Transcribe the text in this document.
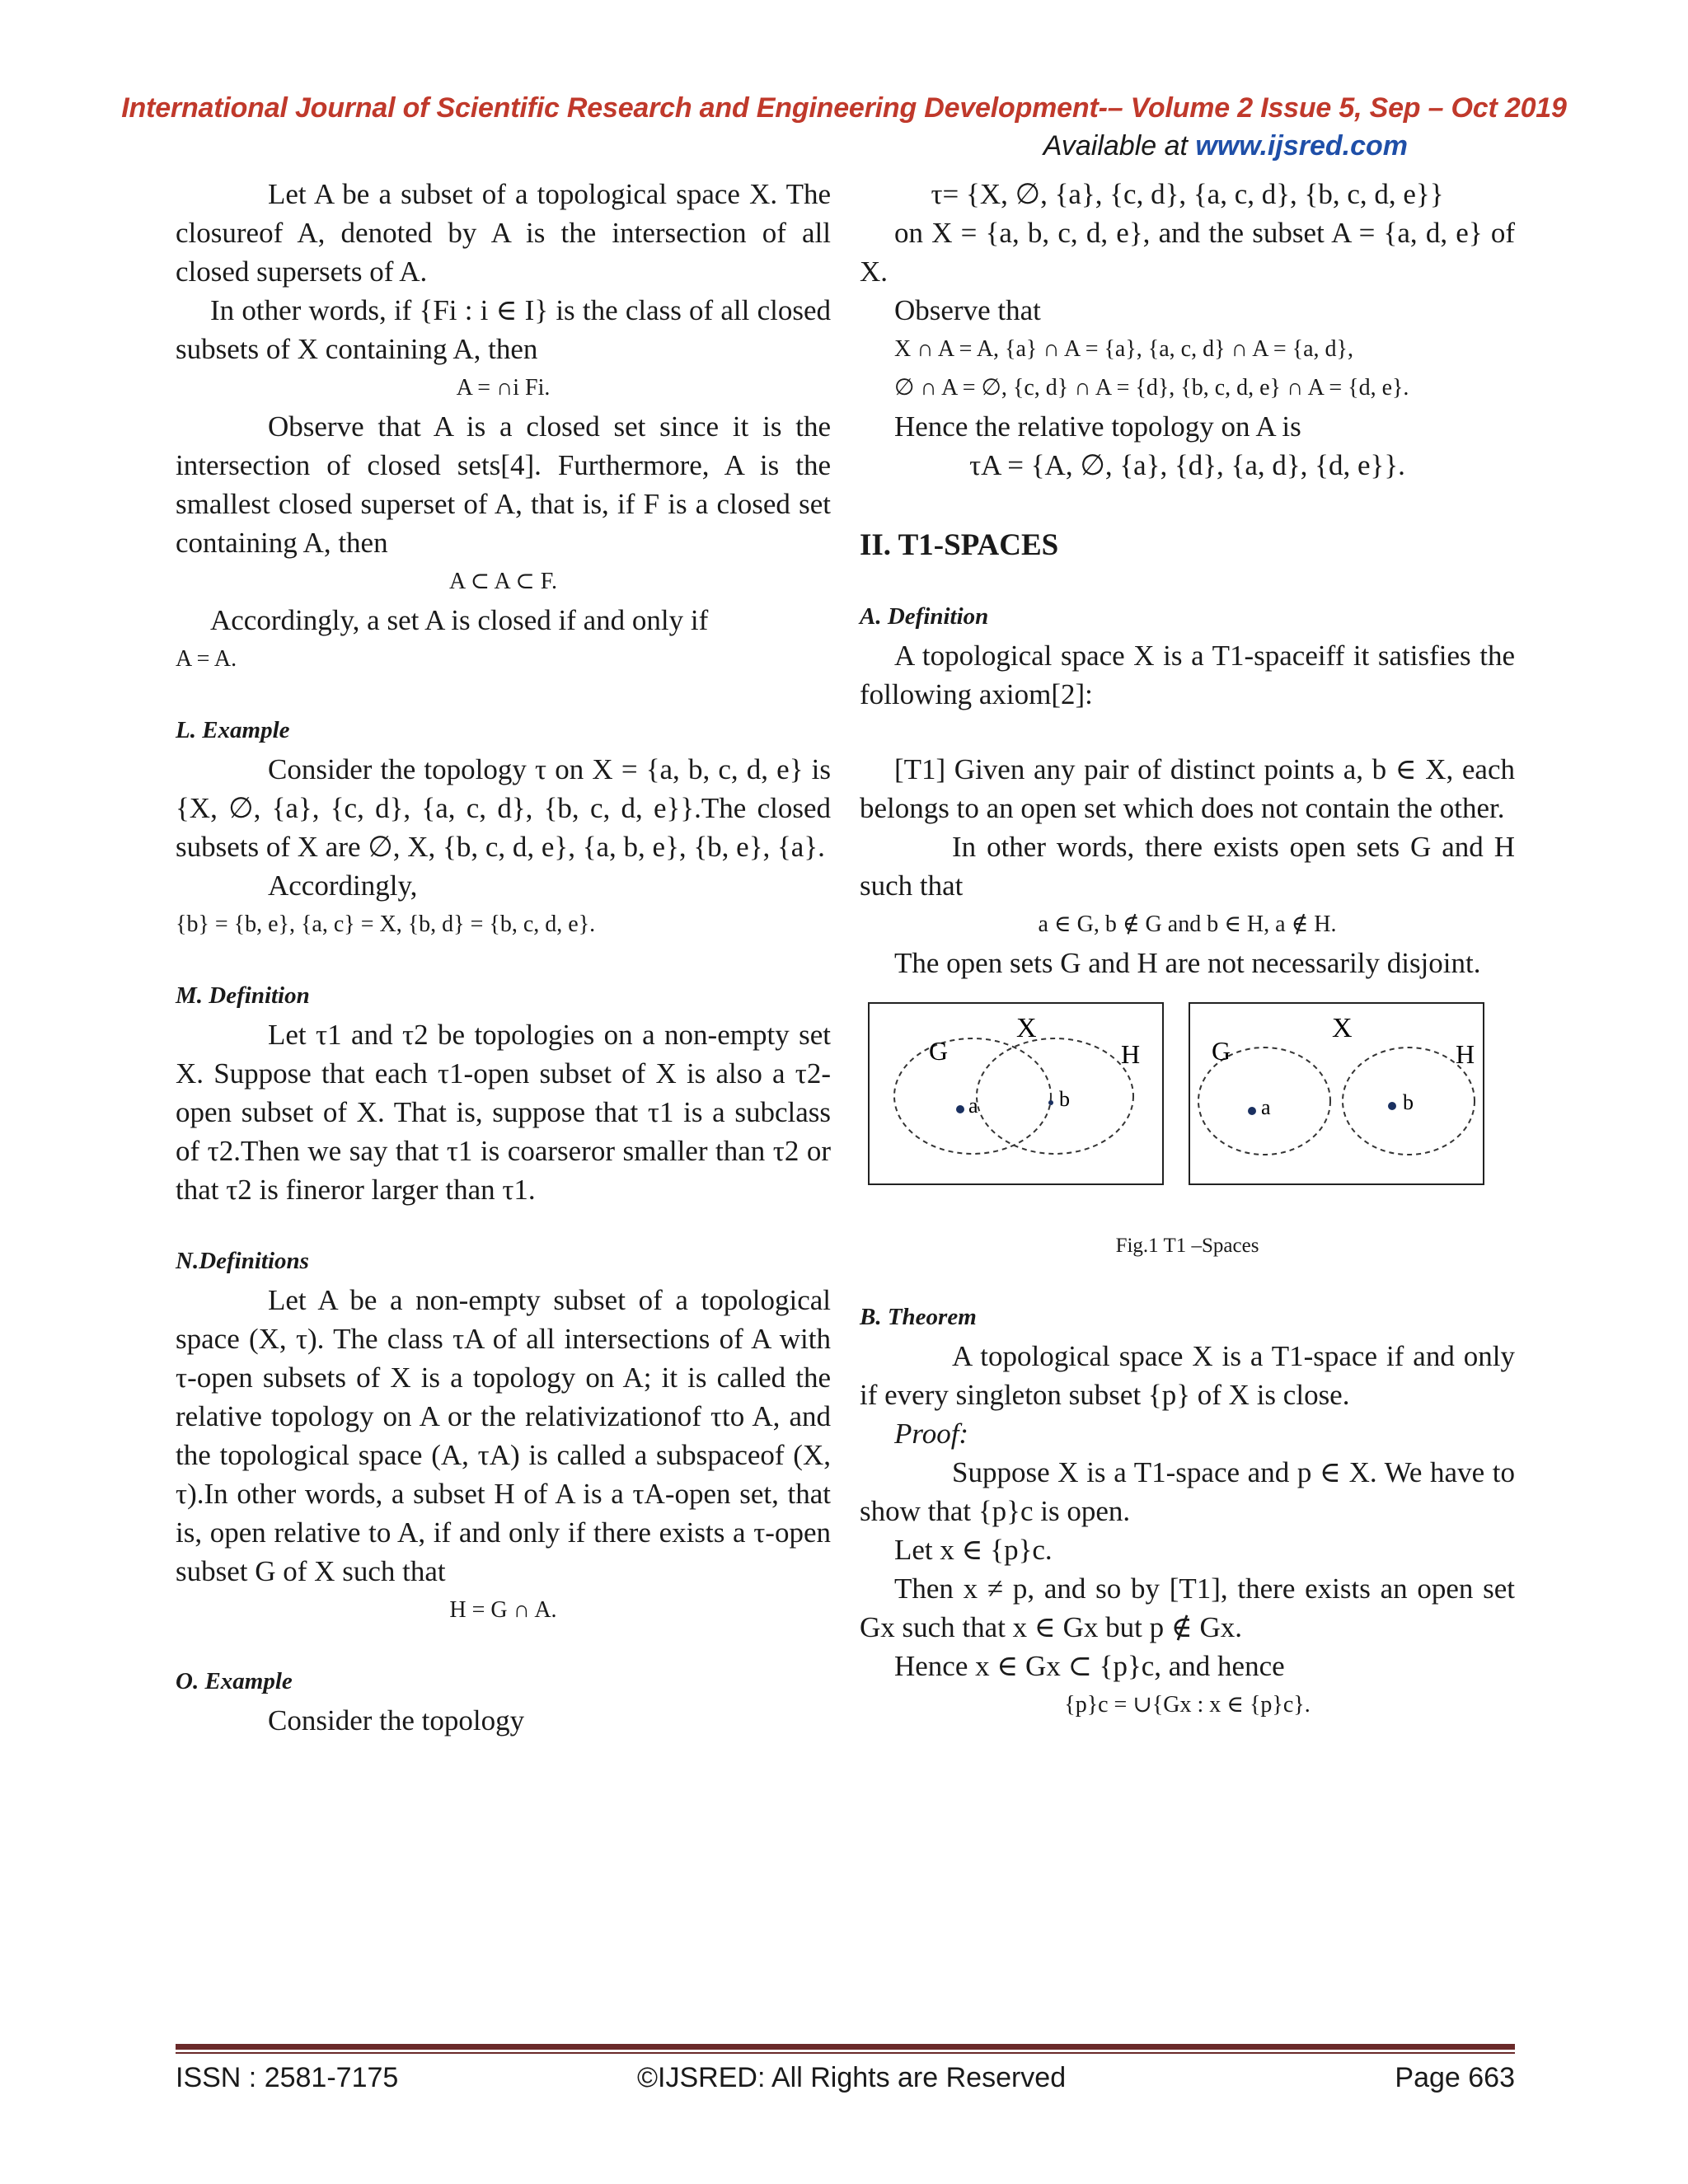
International Journal of Scientific Research and Engineering Development-– Volume 2 Issue 5, Sep – Oct 2019
Available at www.ijsred.com

Let A be a subset of a topological space X. The closureof A, denoted by A is the intersection of all closed supersets of A.

In other words, if {Fi : i ∈ I} is the class of all closed subsets of X containing A, then

A = ∩i Fi.

Observe that A is a closed set since it is the intersection of closed sets[4]. Furthermore, A is the smallest closed superset of A, that is, if F is a closed set containing A, then

A ⊂ A ⊂ F.

Accordingly, a set A is closed if and only if

A = A.

L. Example

Consider the topology τ on X = {a, b, c, d, e} is {X, ∅, {a}, {c, d}, {a, c, d}, {b, c, d, e}}.The closed subsets of X are ∅, X, {b, c, d, e}, {a, b, e}, {b, e}, {a}.

Accordingly,

{b} = {b, e}, {a, c} = X, {b, d} = {b, c, d, e}.

M. Definition

Let τ1 and τ2 be topologies on a non-empty set X. Suppose that each τ1-open subset of X is also a τ2-open subset of X. That is, suppose that τ1 is a subclass of τ2.Then we say that τ1 is coarseror smaller than τ2 or that τ2 is fineror larger than τ1.

N.Definitions

Let A be a non-empty subset of a topological space (X, τ). The class τA of all intersections of A with τ-open subsets of X is a topology on A; it is called the relative topology on A or the relativizationof τto A, and the topological space (A, τA) is called a subspaceof (X, τ).In other words, a subset H of A is a τA-open set, that is, open relative to A, if and only if there exists a τ-open subset G of X such that

H = G ∩ A.

O. Example

Consider the topology

τ= {X, ∅, {a}, {c, d}, {a, c, d}, {b, c, d, e}}

on X = {a, b, c, d, e}, and the subset A = {a, d, e} of X.

Observe that

X ∩ A = A, {a} ∩ A = {a}, {a, c, d} ∩ A = {a, d},

∅ ∩ A = ∅, {c, d} ∩ A = {d}, {b, c, d, e} ∩ A = {d, e}.

Hence the relative topology on A is

τA = {A, ∅, {a}, {d}, {a, d}, {d, e}}.

II. T1-SPACES

A. Definition

A topological space X is a T1-spaceiff it satisfies the following axiom[2]:

[T1] Given any pair of distinct points a, b ∈ X, each belongs to an open set which does not contain the other.

In other words, there exists open sets G and H such that

a ∈ G, b ∉ G and b ∈ H, a ∉ H.

The open sets G and H are not necessarily disjoint.

X
G	H
a	b
X
G	H
a	b

Fig.1 T1 –Spaces

B. Theorem

A topological space X is a T1-space if and only if every singleton subset {p} of X is close.

Proof:

Suppose X is a T1-space and p ∈ X. We have to show that {p}c is open.

Let x ∈ {p}c.

Then x ≠ p, and so by [T1], there exists an open set Gx such that x ∈ Gx but p ∉ Gx.

Hence x ∈ Gx ⊂ {p}c, and hence

{p}c = ∪{Gx : x ∈ {p}c}.

ISSN : 2581-7175	©IJSRED: All Rights are Reserved	Page 663
